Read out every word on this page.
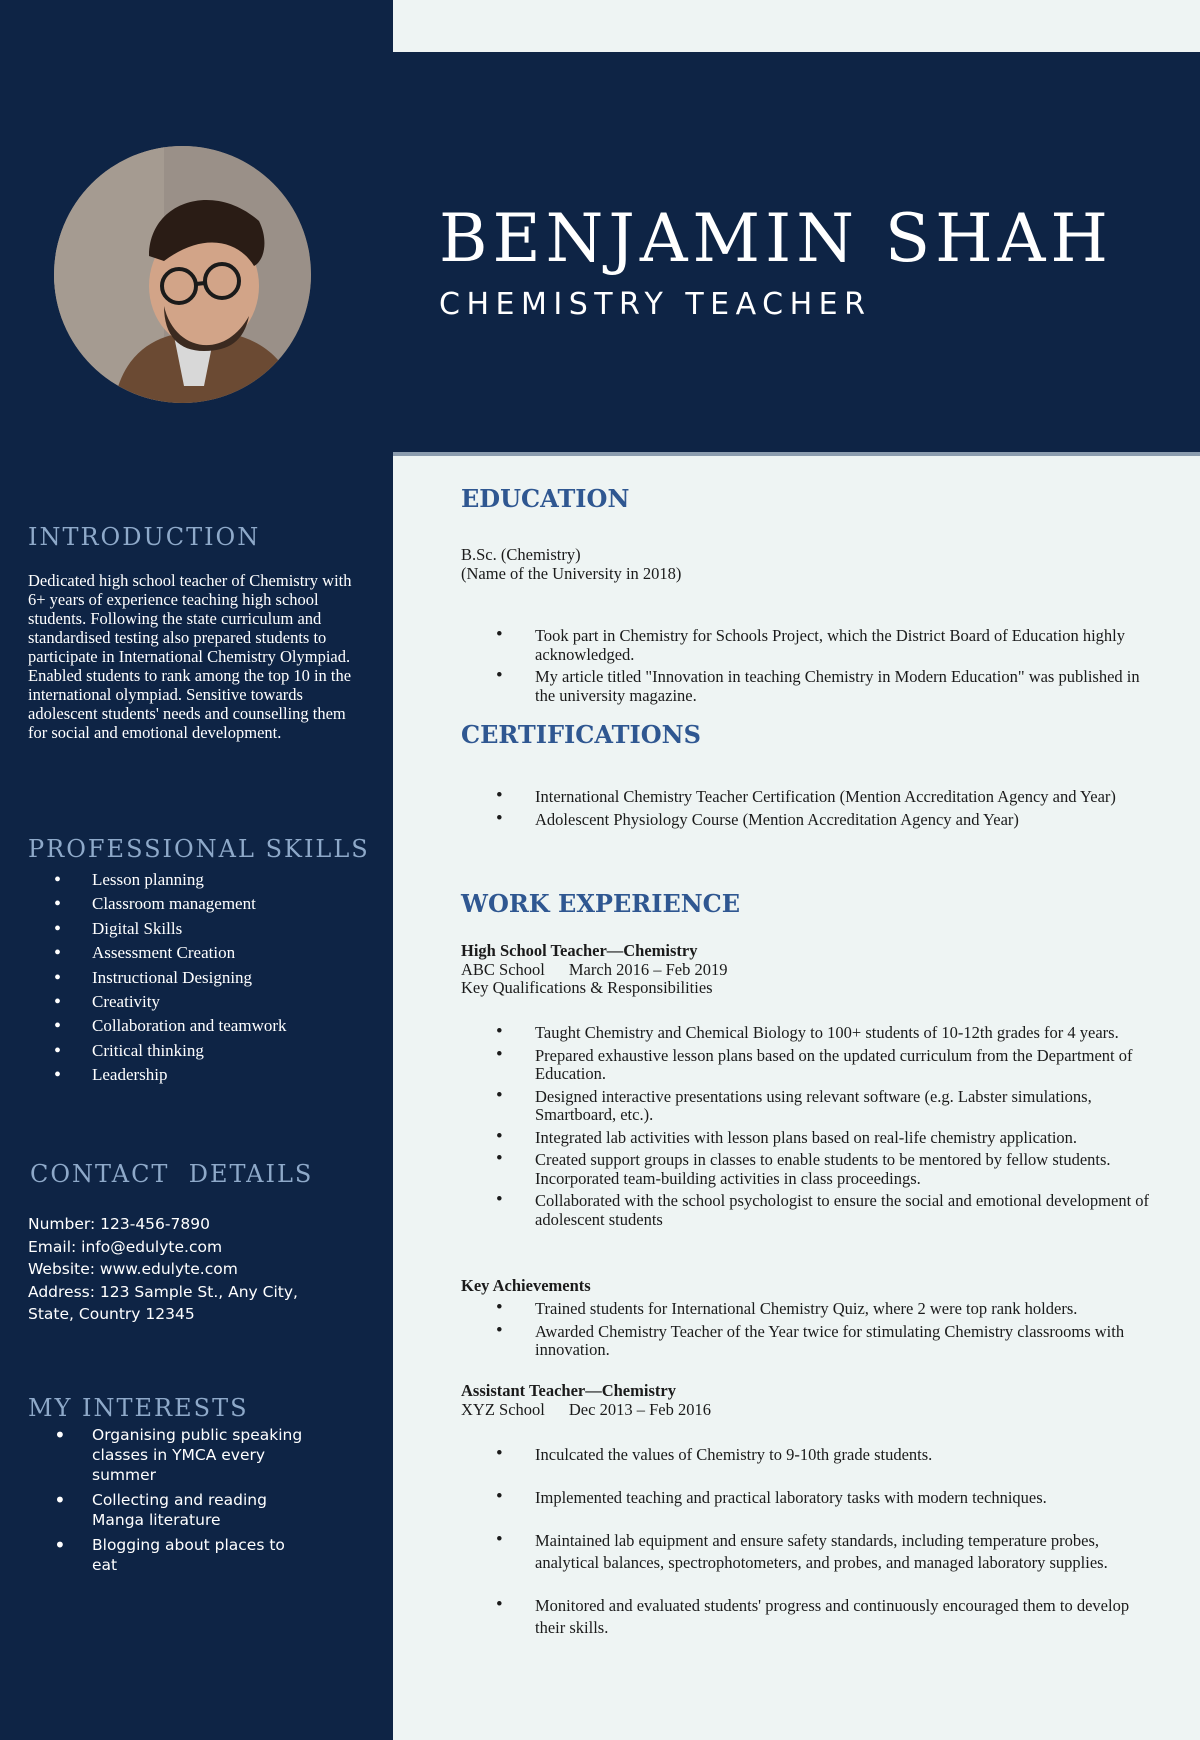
INTRODUCTION

Dedicated high school teacher of Chemistry with 6+ years of experience teaching high school students. Following the state curriculum and standardised testing also prepared students to participate in International Chemistry Olympiad. Enabled students to rank among the top 10 in the international olympiad. Sensitive towards adolescent students' needs and counselling them for social and emotional development.

PROFESSIONAL SKILLS
• Lesson planning
• Classroom management
• Digital Skills
• Assessment Creation
• Instructional Designing
• Creativity
• Collaboration and teamwork
• Critical thinking
• Leadership
CONTACT  DETAILS
Number: 123-456-7890
Email: info@edulyte.com
Website: www.edulyte.com
Address: 123 Sample St., Any City,
State, Country 12345
MY INTERESTS
• Organising public speaking classes in YMCA every summer
• Collecting and reading Manga literature
• Blogging about places to eat
BENJAMIN SHAH
CHEMISTRY TEACHER
EDUCATION
B.Sc. (Chemistry)
(Name of the University in 2018)
• Took part in Chemistry for Schools Project, which the District Board of Education highly acknowledged.
• My article titled "Innovation in teaching Chemistry in Modern Education" was published in the university magazine.
CERTIFICATIONS
• International Chemistry Teacher Certification (Mention Accreditation Agency and Year)
• Adolescent Physiology Course (Mention Accreditation Agency and Year)
WORK EXPERIENCE
High School Teacher—Chemistry
ABC School March 2016 – Feb 2019
Key Qualifications & Responsibilities
• Taught Chemistry and Chemical Biology to 100+ students of 10-12th grades for 4 years.
• Prepared exhaustive lesson plans based on the updated curriculum from the Department of Education.
• Designed interactive presentations using relevant software (e.g. Labster simulations, Smartboard, etc.).
• Integrated lab activities with lesson plans based on real-life chemistry application.
• Created support groups in classes to enable students to be mentored by fellow students. Incorporated team-building activities in class proceedings.
• Collaborated with the school psychologist to ensure the social and emotional development of adolescent students
Key Achievements
• Trained students for International Chemistry Quiz, where 2 were top rank holders.
• Awarded Chemistry Teacher of the Year twice for stimulating Chemistry classrooms with innovation.
Assistant Teacher—Chemistry
XYZ School Dec 2013 – Feb 2016
• Inculcated the values of Chemistry to 9-10th grade students.
• Implemented teaching and practical laboratory tasks with modern techniques.
• Maintained lab equipment and ensure safety standards, including temperature probes, analytical balances, spectrophotometers, and probes, and managed laboratory supplies.
• Monitored and evaluated students' progress and continuously encouraged them to develop their skills.
